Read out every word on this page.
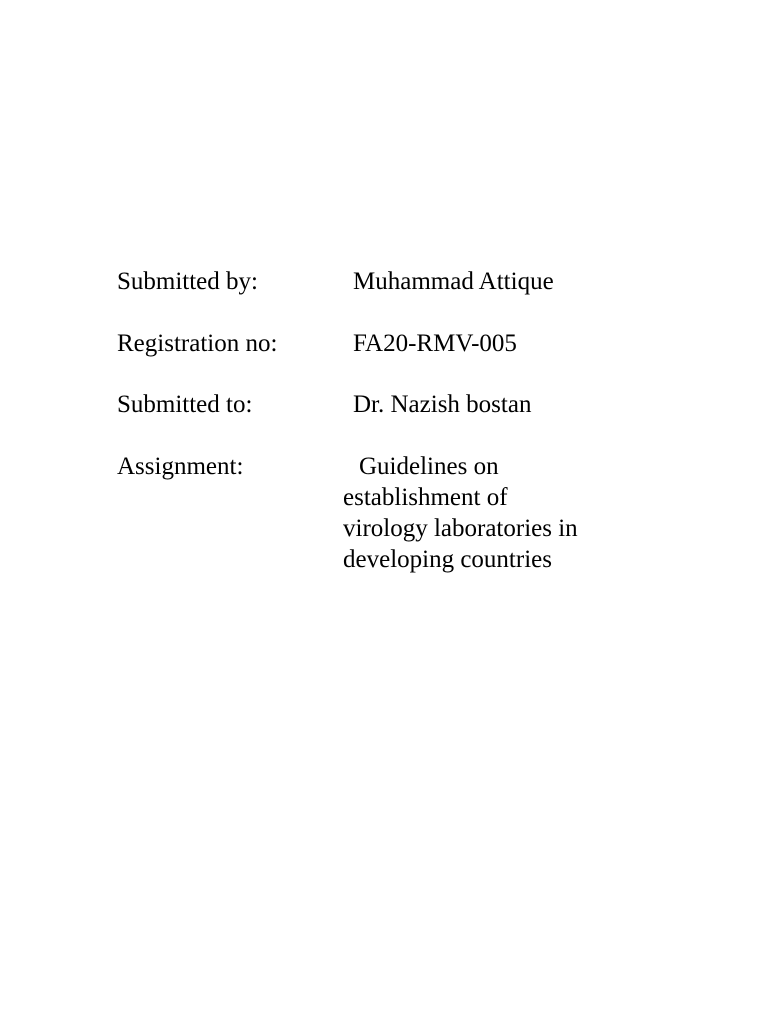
Submitted by:	Muhammad Attique
Registration no:	FA20-RMV-005
Submitted to:	Dr. Nazish bostan
Assignment:	Guidelines on
establishment of
virology laboratories in
developing countries
